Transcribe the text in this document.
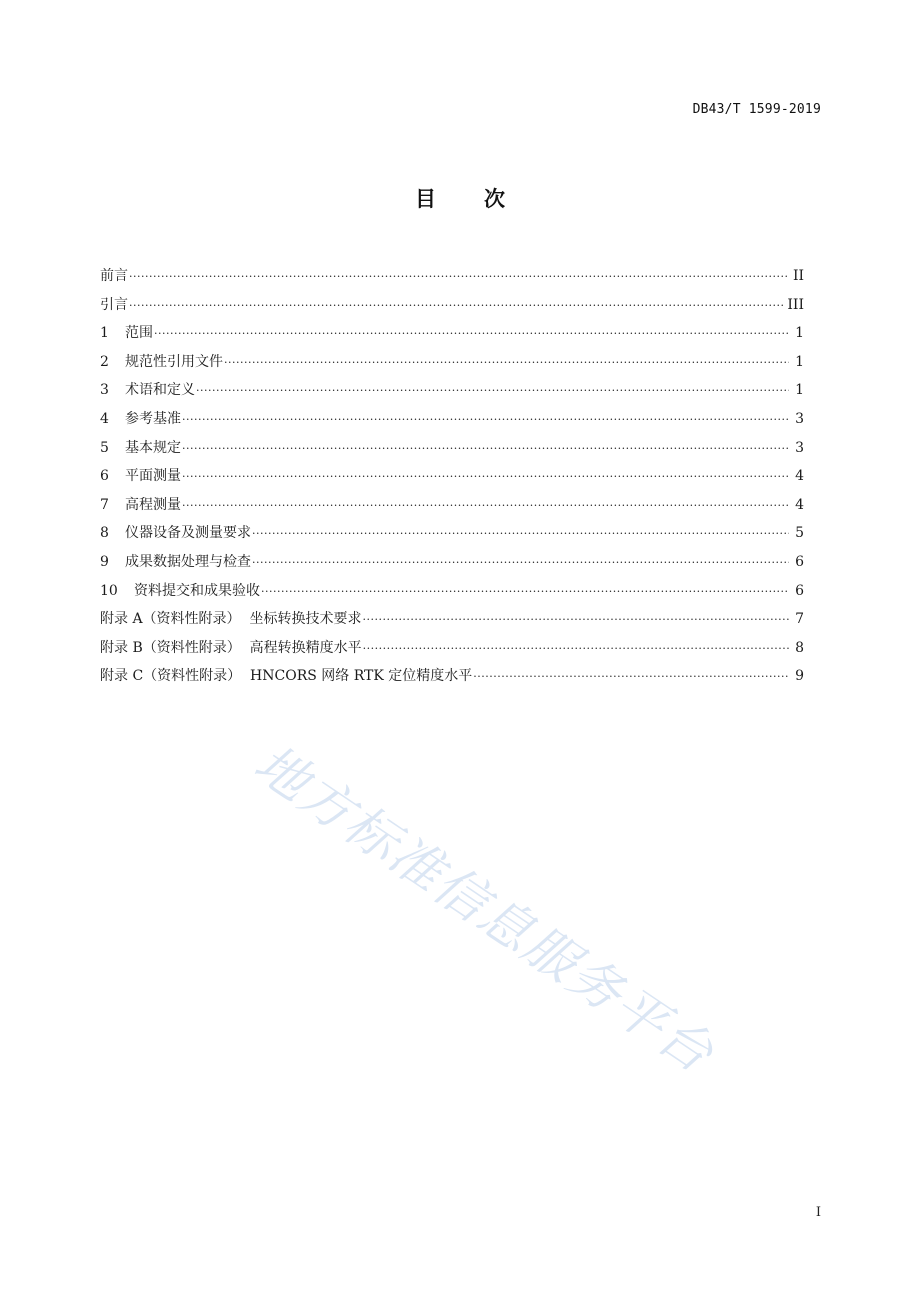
DB43/T 1599-2019
目次
前言 ·····	II
引言 ·····	III
1	范围 ·····	1
2	规范性引用文件 ·····	1
3	术语和定义 ·····	1
4	参考基准 ·····	3
5	基本规定 ·····	3
6	平面测量 ·····	4
7	高程测量 ·····	4
8	仪器设备及测量要求 ·····	5
9	成果数据处理与检查 ·····	6
10	资料提交和成果验收 ·····	6
附录 A（资料性附录）  坐标转换技术要求 ·····	7
附录 B（资料性附录）  高程转换精度水平 ·····	8
附录 C（资料性附录）  HNCORS 网络 RTK 定位精度水平 ·····	9
地方标准信息服务平台
I
